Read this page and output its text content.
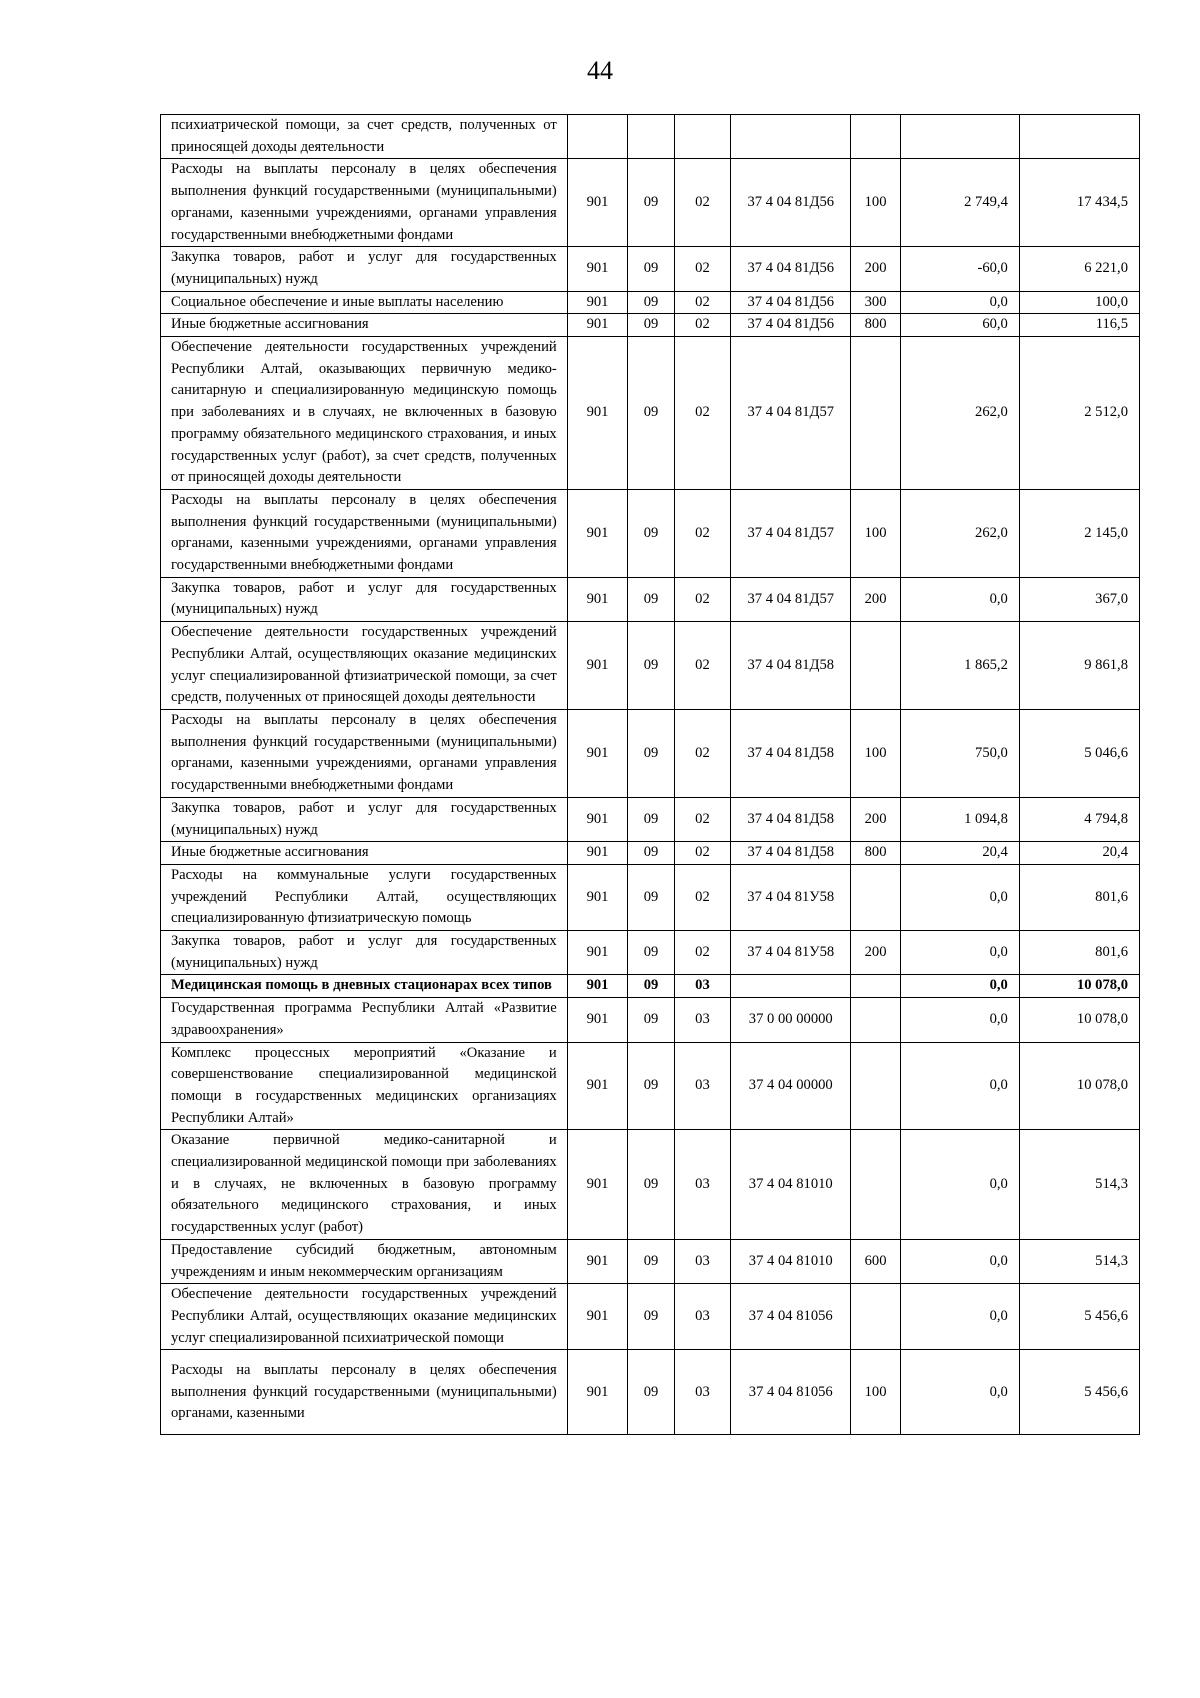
44
психиатрической помощи, за счет средств, полученных от приносящей доходы деятельности							
Расходы на выплаты персоналу в целях обеспечения выполнения функций государственными (муниципальными) органами, казенными учреждениями, органами управления государственными внебюджетными фондами	901	09	02	37 4 04 81Д56	100	2 749,4	17 434,5
Закупка товаров, работ и услуг для государственных (муниципальных) нужд	901	09	02	37 4 04 81Д56	200	-60,0	6 221,0
Социальное обеспечение и иные выплаты населению	901	09	02	37 4 04 81Д56	300	0,0	100,0
Иные бюджетные ассигнования	901	09	02	37 4 04 81Д56	800	60,0	116,5
Обеспечение деятельности государственных учреждений Республики Алтай, оказывающих первичную медико-санитарную и специализированную медицинскую помощь при заболеваниях и в случаях, не включенных в базовую программу обязательного медицинского страхования, и иных государственных услуг (работ), за счет средств, полученных от приносящей доходы деятельности	901	09	02	37 4 04 81Д57		262,0	2 512,0
Расходы на выплаты персоналу в целях обеспечения выполнения функций государственными (муниципальными) органами, казенными учреждениями, органами управления государственными внебюджетными фондами	901	09	02	37 4 04 81Д57	100	262,0	2 145,0
Закупка товаров, работ и услуг для государственных (муниципальных) нужд	901	09	02	37 4 04 81Д57	200	0,0	367,0
Обеспечение деятельности государственных учреждений Республики Алтай, осуществляющих оказание медицинских услуг специализированной фтизиатрической помощи, за счет средств, полученных от приносящей доходы деятельности	901	09	02	37 4 04 81Д58		1 865,2	9 861,8
Расходы на выплаты персоналу в целях обеспечения выполнения функций государственными (муниципальными) органами, казенными учреждениями, органами управления государственными внебюджетными фондами	901	09	02	37 4 04 81Д58	100	750,0	5 046,6
Закупка товаров, работ и услуг для государственных (муниципальных) нужд	901	09	02	37 4 04 81Д58	200	1 094,8	4 794,8
Иные бюджетные ассигнования	901	09	02	37 4 04 81Д58	800	20,4	20,4
Расходы на коммунальные услуги государственных учреждений Республики Алтай, осуществляющих специализированную фтизиатрическую помощь	901	09	02	37 4 04 81У58		0,0	801,6
Закупка товаров, работ и услуг для государственных (муниципальных) нужд	901	09	02	37 4 04 81У58	200	0,0	801,6
Медицинская помощь в дневных стационарах всех типов	901	09	03			0,0	10 078,0
Государственная программа Республики Алтай «Развитие здравоохранения»	901	09	03	37 0 00 00000		0,0	10 078,0
Комплекс процессных мероприятий «Оказание и совершенствование специализированной медицинской помощи в государственных медицинских организациях Республики Алтай»	901	09	03	37 4 04 00000		0,0	10 078,0
Оказание первичной медико-санитарной и специализированной медицинской помощи при заболеваниях и в случаях, не включенных в базовую программу обязательного медицинского страхования, и иных государственных услуг (работ)	901	09	03	37 4 04 81010		0,0	514,3
Предоставление субсидий бюджетным, автономным учреждениям и иным некоммерческим организациям	901	09	03	37 4 04 81010	600	0,0	514,3
Обеспечение деятельности государственных учреждений Республики Алтай, осуществляющих оказание медицинских услуг специализированной психиатрической помощи	901	09	03	37 4 04 81056		0,0	5 456,6
Расходы на выплаты персоналу в целях обеспечения выполнения функций государственными (муниципальными) органами, казенными	901	09	03	37 4 04 81056	100	0,0	5 456,6
